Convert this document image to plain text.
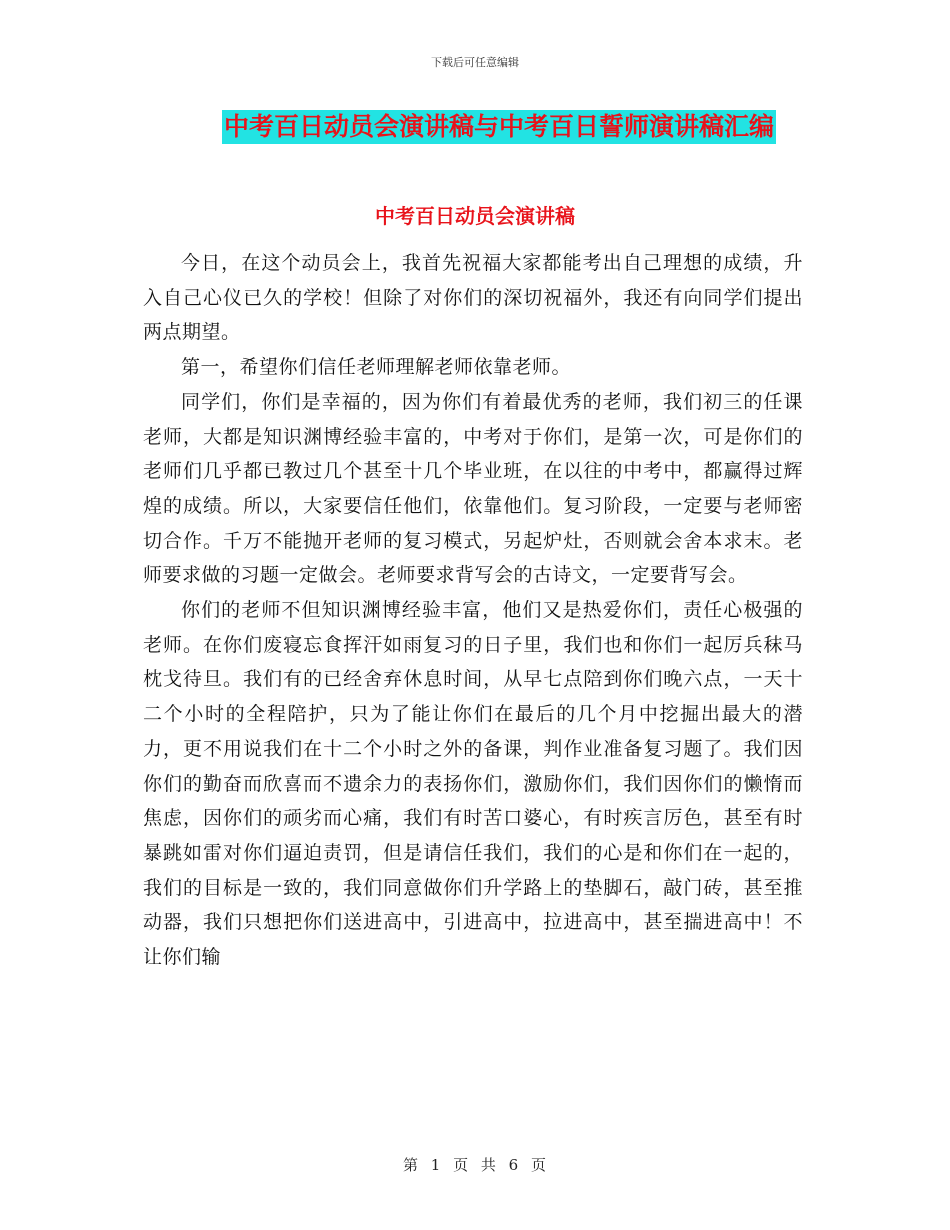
下载后可任意编辑
中考百日动员会演讲稿与中考百日誓师演讲稿汇编
中考百日动员会演讲稿

今日，在这个动员会上，我首先祝福大家都能考出自己理想的成绩，升入自己心仪已久的学校！但除了对你们的深切祝福外，我还有向同学们提出两点期望。

第一，希望你们信任老师理解老师依靠老师。

同学们，你们是幸福的，因为你们有着最优秀的老师，我们初三的任课老师，大都是知识渊博经验丰富的，中考对于你们，是第一次，可是你们的老师们几乎都已教过几个甚至十几个毕业班，在以往的中考中，都赢得过辉煌的成绩。所以，大家要信任他们，依靠他们。复习阶段，一定要与老师密切合作。千万不能抛开老师的复习模式，另起炉灶，否则就会舍本求末。老师要求做的习题一定做会。老师要求背写会的古诗文，一定要背写会。

你们的老师不但知识渊博经验丰富，他们又是热爱你们，责任心极强的老师。在你们废寝忘食挥汗如雨复习的日子里，我们也和你们一起厉兵秣马枕戈待旦。我们有的已经舍弃休息时间，从早七点陪到你们晚六点，一天十二个小时的全程陪护，只为了能让你们在最后的几个月中挖掘出最大的潜力，更不用说我们在十二个小时之外的备课，判作业准备复习题了。我们因你们的勤奋而欣喜而不遗余力的表扬你们，激励你们，我们因你们的懒惰而焦虑，因你们的顽劣而心痛，我们有时苦口婆心，有时疾言厉色，甚至有时暴跳如雷对你们逼迫责罚，但是请信任我们，我们的心是和你们在一起的，我们的目标是一致的，我们同意做你们升学路上的垫脚石，敲门砖，甚至推动器，我们只想把你们送进高中，引进高中，拉进高中，甚至揣进高中！不让你们输

第 1 页 共 6 页
